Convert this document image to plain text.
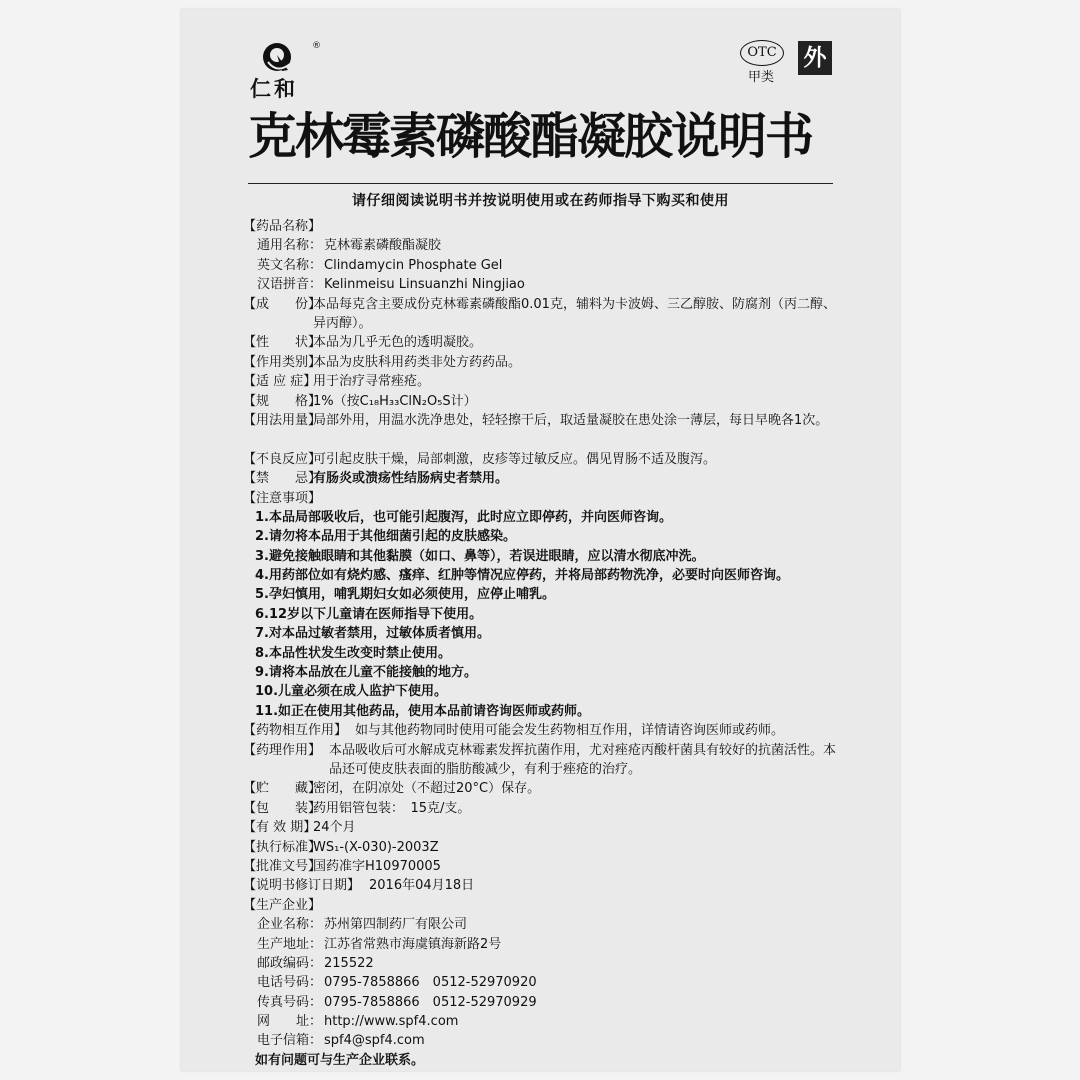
仁和
®	OTC
甲类
外
克林霉素磷酸酯凝胶说明书
请仔细阅读说明书并按说明使用或在药师指导下购买和使用
【药品名称】
通用名称： 克林霉素磷酸酯凝胶
英文名称： Clindamycin Phosphate Gel
汉语拼音： Kelinmeisu Linsuanzhi Ningjiao
【成　　份】
本品每克含主要成份克林霉素磷酸酯0.01克，辅料为卡波姆、三乙醇胺、防腐剂（丙二醇、异丙醇）。
【性　　状】
本品为几乎无色的透明凝胶。
【作用类别】
本品为皮肤科用药类非处方药药品。
【适 应 症】
用于治疗寻常痤疮。
【规　　格】
1%（按C₁₈H₃₃ClN₂O₅S计）
【用法用量】
局部外用，用温水洗净患处，轻轻擦干后，取适量凝胶在患处涂一薄层，每日早晚各1次。
【不良反应】
可引起皮肤干燥，局部刺激，皮疹等过敏反应。偶见胃肠不适及腹泻。
【禁　　忌】
有肠炎或溃疡性结肠病史者禁用。
【注意事项】
1.本品局部吸收后，也可能引起腹泻，此时应立即停药，并向医师咨询。
2.请勿将本品用于其他细菌引起的皮肤感染。
3.避免接触眼睛和其他黏膜（如口、鼻等），若误进眼睛，应以清水彻底冲洗。
4.用药部位如有烧灼感、瘙痒、红肿等情况应停药，并将局部药物洗净，必要时向医师咨询。
5.孕妇慎用，哺乳期妇女如必须使用，应停止哺乳。
6.12岁以下儿童请在医师指导下使用。
7.对本品过敏者禁用，过敏体质者慎用。
8.本品性状发生改变时禁止使用。
9.请将本品放在儿童不能接触的地方。
10.儿童必须在成人监护下使用。
11.如正在使用其他药品，使用本品前请咨询医师或药师。
【药物相互作用】 如与其他药物同时使用可能会发生药物相互作用，详情请咨询医师或药师。
【药理作用】 本品吸收后可水解成克林霉素发挥抗菌作用，尤对痤疮丙酸杆菌具有较好的抗菌活性。本品还可使皮肤表面的脂肪酸减少，有利于痤疮的治疗。
【贮　　藏】
密闭，在阴凉处（不超过20°C）保存。
【包　　装】
药用铝管包装：　15克/支。
【有 效 期】
24个月
【执行标准】
WS₁-(X-030)-2003Z
【批准文号】
国药准字H10970005
【说明书修订日期】 2016年04月18日
【生产企业】
企业名称： 苏州第四制药厂有限公司
生产地址： 江苏省常熟市海虞镇海新路2号
邮政编码： 215522
电话号码： 0795-7858866　0512-52970920
传真号码： 0795-7858866　0512-52970929
网　　址： http://www.spf4.com
电子信箱： spf4@spf4.com
如有问题可与生产企业联系。
